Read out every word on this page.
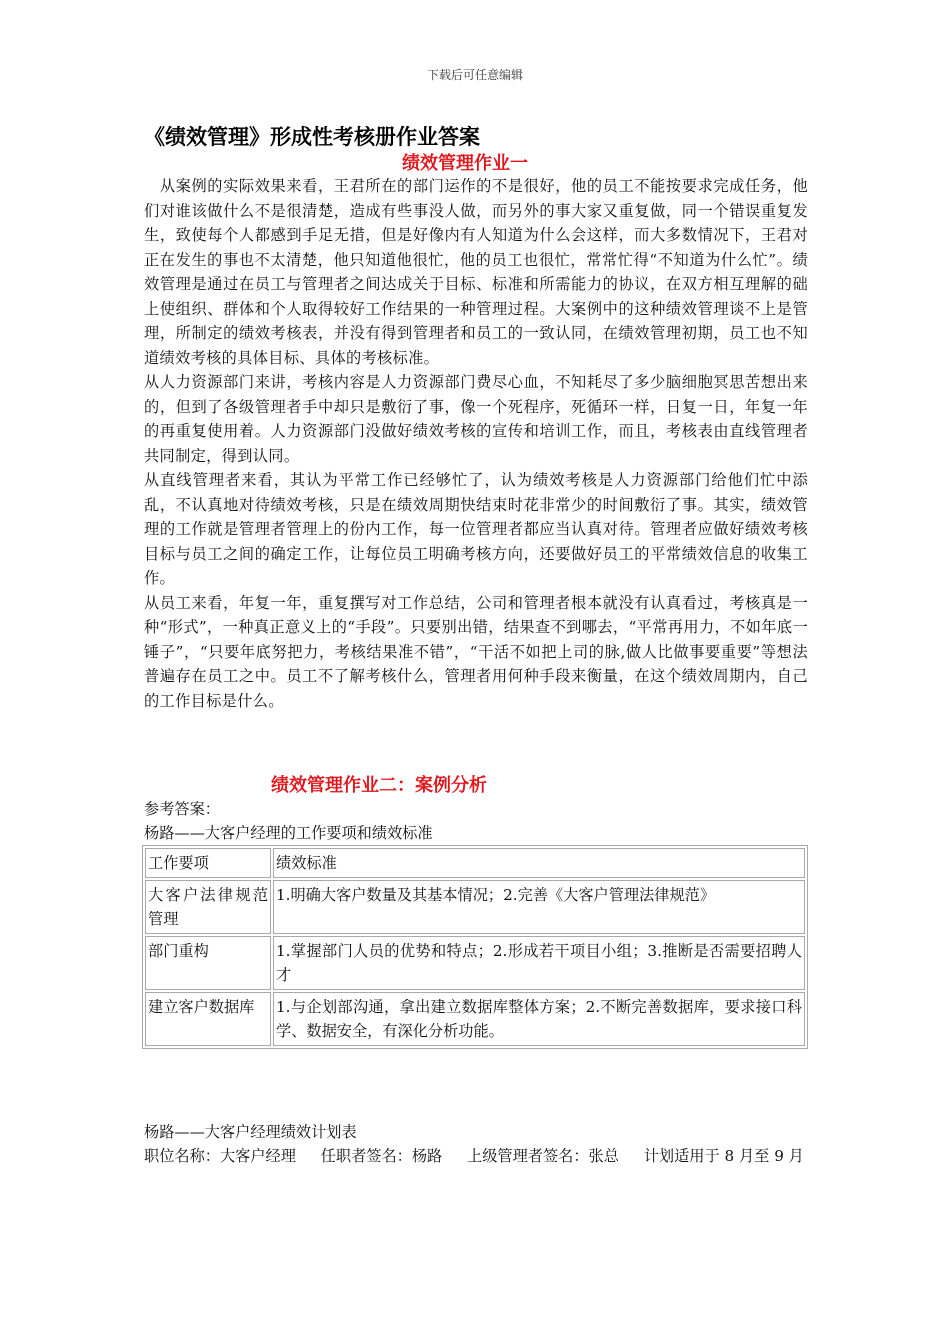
下载后可任意编辑
《绩效管理》形成性考核册作业答案
绩效管理作业一

　从案例的实际效果来看，王君所在的部门运作的不是很好，他的员工不能按要求完成任务，他们对谁该做什么不是很清楚，造成有些事没人做，而另外的事大家又重复做，同一个错误重复发生，致使每个人都感到手足无措，但是好像内有人知道为什么会这样，而大多数情况下，王君对正在发生的事也不太清楚，他只知道他很忙，他的员工也很忙，常常忙得“不知道为什么忙”。绩效管理是通过在员工与管理者之间达成关于目标、标准和所需能力的协议，在双方相互理解的础上使组织、群体和个人取得较好工作结果的一种管理过程。大案例中的这种绩效管理谈不上是管理，所制定的绩效考核表，并没有得到管理者和员工的一致认同，在绩效管理初期，员工也不知道绩效考核的具体目标、具体的考核标准。

从人力资源部门来讲，考核内容是人力资源部门费尽心血，不知耗尽了多少脑细胞冥思苦想出来的，但到了各级管理者手中却只是敷衍了事，像一个死程序，死循环一样，日复一日，年复一年的再重复使用着。人力资源部门没做好绩效考核的宣传和培训工作，而且，考核表由直线管理者共同制定，得到认同。

从直线管理者来看，其认为平常工作已经够忙了，认为绩效考核是人力资源部门给他们忙中添乱，不认真地对待绩效考核，只是在绩效周期快结束时花非常少的时间敷衍了事。其实，绩效管理的工作就是管理者管理上的份内工作，每一位管理者都应当认真对待。管理者应做好绩效考核目标与员工之间的确定工作，让每位员工明确考核方向，还要做好员工的平常绩效信息的收集工作。

从员工来看，年复一年，重复撰写对工作总结，公司和管理者根本就没有认真看过，考核真是一种“形式”，一种真正意义上的“手段”。只要别出错，结果查不到哪去，“平常再用力，不如年底一锤子”，“只要年底努把力，考核结果准不错”，“干活不如把上司的脉,做人比做事要重要”等想法普遍存在员工之中。员工不了解考核什么，管理者用何种手段来衡量，在这个绩效周期内，自己的工作目标是什么。

绩效管理作业二：案例分析
参考答案：
杨路——大客户经理的工作要项和绩效标准
工作要项	绩效标准
大客户法律规范管理	1.明确大客户数量及其基本情况；2.完善《大客户管理法律规范》
部门重构	1.掌握部门人员的优势和特点；2.形成若干项目小组；3.推断是否需要招聘人才
建立客户数据库	1.与企划部沟通，拿出建立数据库整体方案；2.不断完善数据库，要求接口科学、数据安全，有深化分析功能。
杨路——大客户经理绩效计划表
职位名称：大客户经理 任职者签名：杨路 上级管理者签名：张总 计划适用于 8 月至 9 月
